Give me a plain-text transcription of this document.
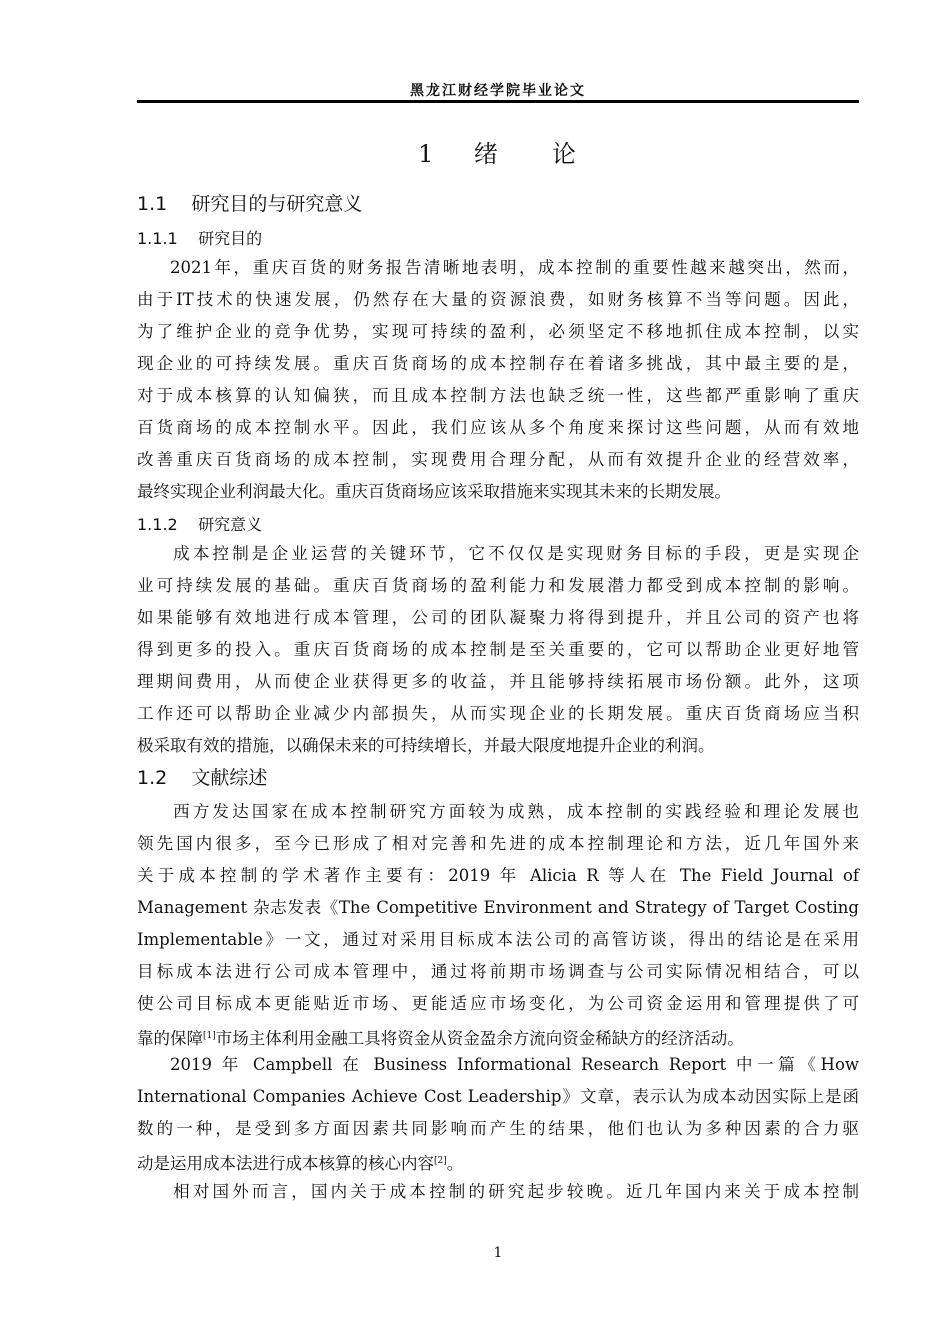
黑龙江财经学院毕业论文
1 绪　　论
1.1 研究目的与研究意义
1.1.1 研究目的
2021年，重庆百货的财务报告清晰地表明，成本控制的重要性越来越突出，然而，
由于IT技术的快速发展，仍然存在大量的资源浪费，如财务核算不当等问题。因此，
为了维护企业的竞争优势，实现可持续的盈利，必须坚定不移地抓住成本控制，以实
现企业的可持续发展。重庆百货商场的成本控制存在着诸多挑战，其中最主要的是，
对于成本核算的认知偏狭，而且成本控制方法也缺乏统一性，这些都严重影响了重庆
百货商场的成本控制水平。因此，我们应该从多个角度来探讨这些问题，从而有效地
改善重庆百货商场的成本控制，实现费用合理分配，从而有效提升企业的经营效率，
最终实现企业利润最大化。重庆百货商场应该采取措施来实现其未来的长期发展。
1.1.2 研究意义
成本控制是企业运营的关键环节，它不仅仅是实现财务目标的手段，更是实现企
业可持续发展的基础。重庆百货商场的盈利能力和发展潜力都受到成本控制的影响。
如果能够有效地进行成本管理，公司的团队凝聚力将得到提升，并且公司的资产也将
得到更多的投入。重庆百货商场的成本控制是至关重要的，它可以帮助企业更好地管
理期间费用，从而使企业获得更多的收益，并且能够持续拓展市场份额。此外，这项
工作还可以帮助企业减少内部损失，从而实现企业的长期发展。重庆百货商场应当积
极采取有效的措施，以确保未来的可持续增长，并最大限度地提升企业的利润。
1.2 文献综述
西方发达国家在成本控制研究方面较为成熟，成本控制的实践经验和理论发展也
领先国内很多，至今已形成了相对完善和先进的成本控制理论和方法，近几年国外来
关于成本控制的学术著作主要有：2019 年 Alicia R 等人在 The Field Journal of
Management 杂志发表《The Competitive Environment and Strategy of Target Costing
Implementable》一文，通过对采用目标成本法公司的高管访谈，得出的结论是在采用
目标成本法进行公司成本管理中，通过将前期市场调查与公司实际情况相结合，可以
使公司目标成本更能贴近市场、更能适应市场变化，为公司资金运用和管理提供了可
靠的保障[1]市场主体利用金融工具将资金从资金盈余方流向资金稀缺方的经济活动。
2019 年 Campbell 在 Business Informational Research Report 中一篇《How
International Companies Achieve Cost Leadership》文章，表示认为成本动因实际上是函
数的一种，是受到多方面因素共同影响而产生的结果，他们也认为多种因素的合力驱
动是运用成本法进行成本核算的核心内容[2]。
相对国外而言，国内关于成本控制的研究起步较晚。近几年国内来关于成本控制
1
